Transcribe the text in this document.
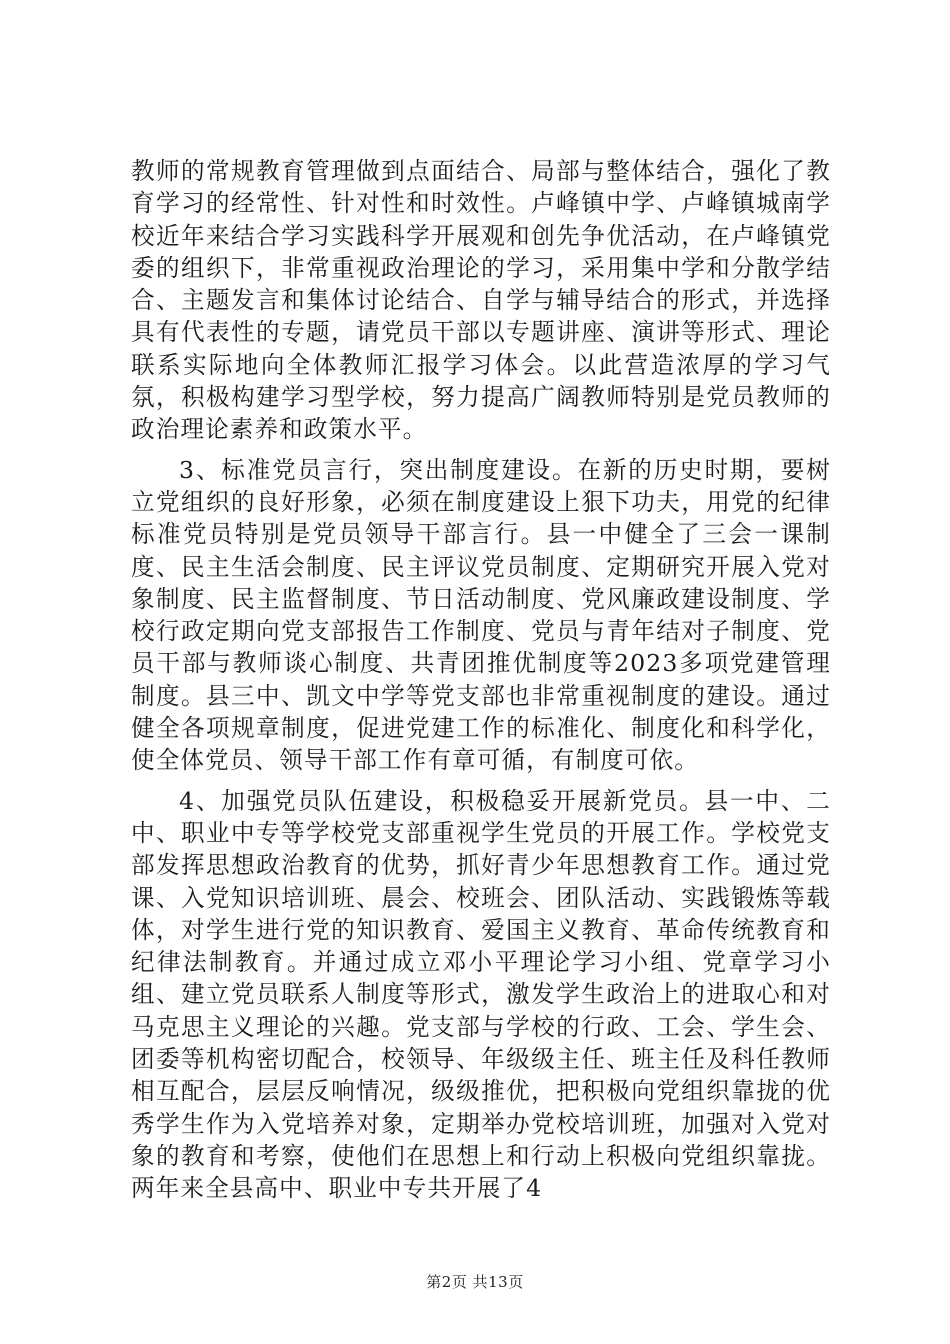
教师的常规教育管理做到点面结合、局部与整体结合，强化了教育学习的经常性、针对性和时效性。卢峰镇中学、卢峰镇城南学校近年来结合学习实践科学开展观和创先争优活动，在卢峰镇党委的组织下，非常重视政治理论的学习，采用集中学和分散学结合、主题发言和集体讨论结合、自学与辅导结合的形式，并选择具有代表性的专题，请党员干部以专题讲座、演讲等形式、理论联系实际地向全体教师汇报学习体会。以此营造浓厚的学习气氛，积极构建学习型学校，努力提高广阔教师特别是党员教师的政治理论素养和政策水平。

3、标准党员言行，突出制度建设。在新的历史时期，要树立党组织的良好形象，必须在制度建设上狠下功夫，用党的纪律标准党员特别是党员领导干部言行。县一中健全了三会一课制度、民主生活会制度、民主评议党员制度、定期研究开展入党对象制度、民主监督制度、节日活动制度、党风廉政建设制度、学校行政定期向党支部报告工作制度、党员与青年结对子制度、党员干部与教师谈心制度、共青团推优制度等2023多项党建管理制度。县三中、凯文中学等党支部也非常重视制度的建设。通过健全各项规章制度，促进党建工作的标准化、制度化和科学化，使全体党员、领导干部工作有章可循，有制度可依。

4、加强党员队伍建设，积极稳妥开展新党员。县一中、二中、职业中专等学校党支部重视学生党员的开展工作。学校党支部发挥思想政治教育的优势，抓好青少年思想教育工作。通过党课、入党知识培训班、晨会、校班会、团队活动、实践锻炼等载体，对学生进行党的知识教育、爱国主义教育、革命传统教育和纪律法制教育。并通过成立邓小平理论学习小组、党章学习小组、建立党员联系人制度等形式，激发学生政治上的进取心和对马克思主义理论的兴趣。党支部与学校的行政、工会、学生会、团委等机构密切配合，校领导、年级级主任、班主任及科任教师相互配合，层层反响情况，级级推优，把积极向党组织靠拢的优秀学生作为入党培养对象，定期举办党校培训班，加强对入党对象的教育和考察，使他们在思想上和行动上积极向党组织靠拢。两年来全县高中、职业中专共开展了4

第2页 共13页
